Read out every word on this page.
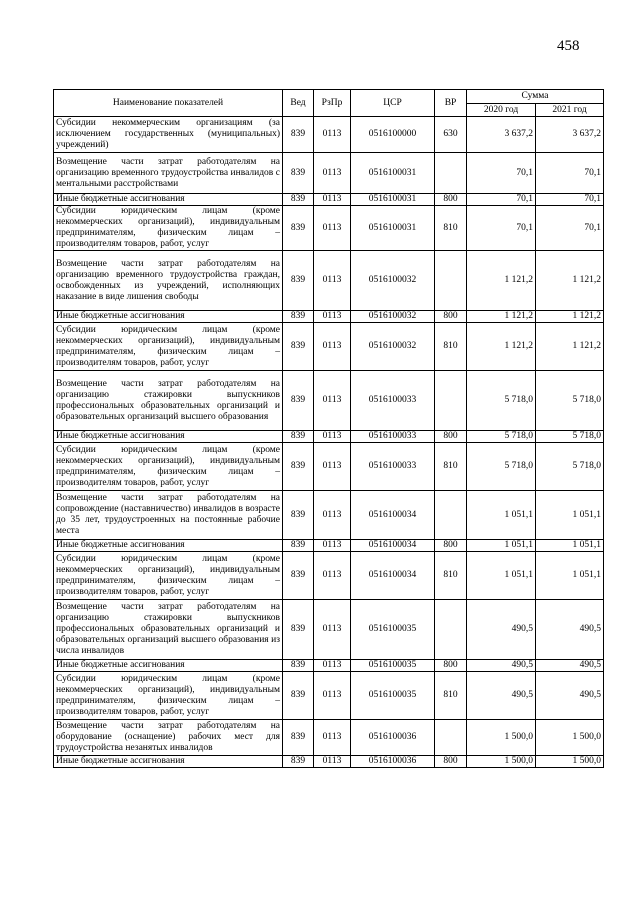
458
Наименование показателей	Вед	РзПр	ЦСР	ВР	Сумма	
					2020 год	2021 год
Субсидии некоммерческим организациям (за исключением государственных (муниципальных) учреждений)	839	0113	0516100000	630	3 637,2	3 637,2
Возмещение части затрат работодателям на организацию временного трудоустройства инвалидов с ментальными расстройствами	839	0113	0516100031		70,1	70,1
Иные бюджетные ассигнования	839	0113	0516100031	800	70,1	70,1
Субсидии юридическим лицам (кроме некоммерческих организаций), индивидуальным предпринимателям, физическим лицам – производителям товаров, работ, услуг	839	0113	0516100031	810	70,1	70,1
Возмещение части затрат работодателям на организацию временного трудоустройства граждан, освобожденных из учреждений, исполняющих наказание в виде лишения свободы	839	0113	0516100032		1 121,2	1 121,2
Иные бюджетные ассигнования	839	0113	0516100032	800	1 121,2	1 121,2
Субсидии юридическим лицам (кроме некоммерческих организаций), индивидуальным предпринимателям, физическим лицам – производителям товаров, работ, услуг	839	0113	0516100032	810	1 121,2	1 121,2
Возмещение части затрат работодателям на организацию стажировки выпускников профессиональных образовательных организаций и образовательных организаций высшего образования	839	0113	0516100033		5 718,0	5 718,0
Иные бюджетные ассигнования	839	0113	0516100033	800	5 718,0	5 718,0
Субсидии юридическим лицам (кроме некоммерческих организаций), индивидуальным предпринимателям, физическим лицам – производителям товаров, работ, услуг	839	0113	0516100033	810	5 718,0	5 718,0
Возмещение части затрат работодателям на сопровождение (наставничество) инвалидов в возрасте до 35 лет, трудоустроенных на постоянные рабочие места	839	0113	0516100034		1 051,1	1 051,1
Иные бюджетные ассигнования	839	0113	0516100034	800	1 051,1	1 051,1
Субсидии юридическим лицам (кроме некоммерческих организаций), индивидуальным предпринимателям, физическим лицам – производителям товаров, работ, услуг	839	0113	0516100034	810	1 051,1	1 051,1
Возмещение части затрат работодателям на организацию стажировки выпускников профессиональных образовательных организаций и образовательных организаций высшего образования из числа инвалидов	839	0113	0516100035		490,5	490,5
Иные бюджетные ассигнования	839	0113	0516100035	800	490,5	490,5
Субсидии юридическим лицам (кроме некоммерческих организаций), индивидуальным предпринимателям, физическим лицам – производителям товаров, работ, услуг	839	0113	0516100035	810	490,5	490,5
Возмещение части затрат работодателям на оборудование (оснащение) рабочих мест для трудоустройства незанятых инвалидов	839	0113	0516100036		1 500,0	1 500,0
Иные бюджетные ассигнования	839	0113	0516100036	800	1 500,0	1 500,0
